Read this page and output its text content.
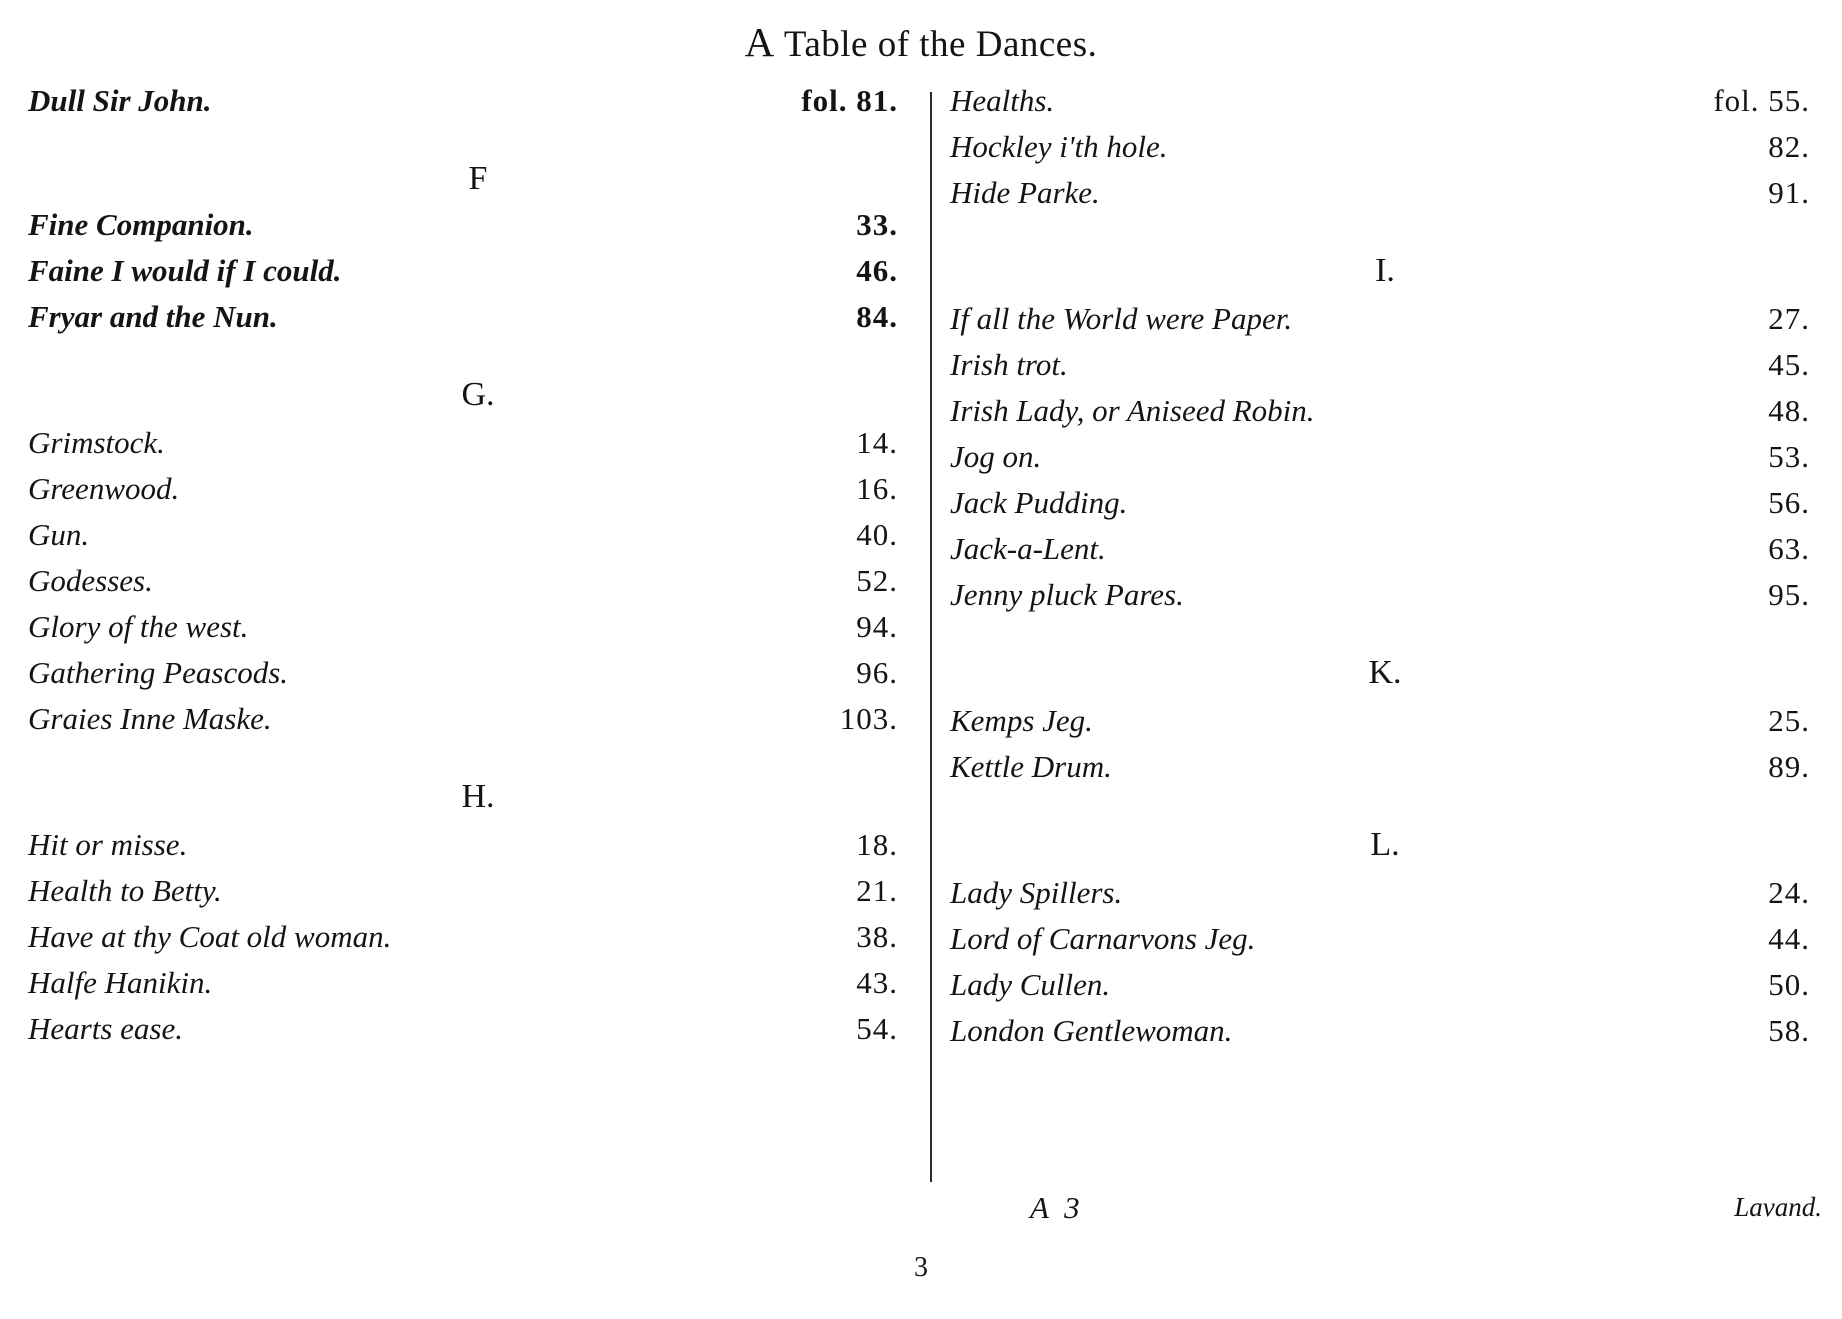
A Table of the Dances.
Dull Sir John.	fol. 81.
F
Fine Companion.	33.
Faine I would if I could.	46.
Fryar and the Nun.	84.
G.
Grimstock.	14.
Greenwood.	16.
Gun.	40.
Godesses.	52.
Glory of the west.	94.
Gathering Peascods.	96.
Graies Inne Maske.	103.
H.
Hit or misse.	18.
Health to Betty.	21.
Have at thy Coat old woman.	38.
Halfe Hanikin.	43.
Hearts ease.	54.
Healths.	fol. 55.
Hockley i'th hole.	82.
Hide Parke.	91.
I.
If all the World were Paper.	27.
Irish trot.	45.
Irish Lady, or Aniseed Robin.	48.
Jog on.	53.
Jack Pudding.	56.
Jack-a-Lent.	63.
Jenny pluck Pares.	95.
K.
Kemps Jeg.	25.
Kettle Drum.	89.
L.
Lady Spillers.	24.
Lord of Carnarvons Jeg.	44.
Lady Cullen.	50.
London Gentlewoman.	58.
A 3	Lavand.
3
